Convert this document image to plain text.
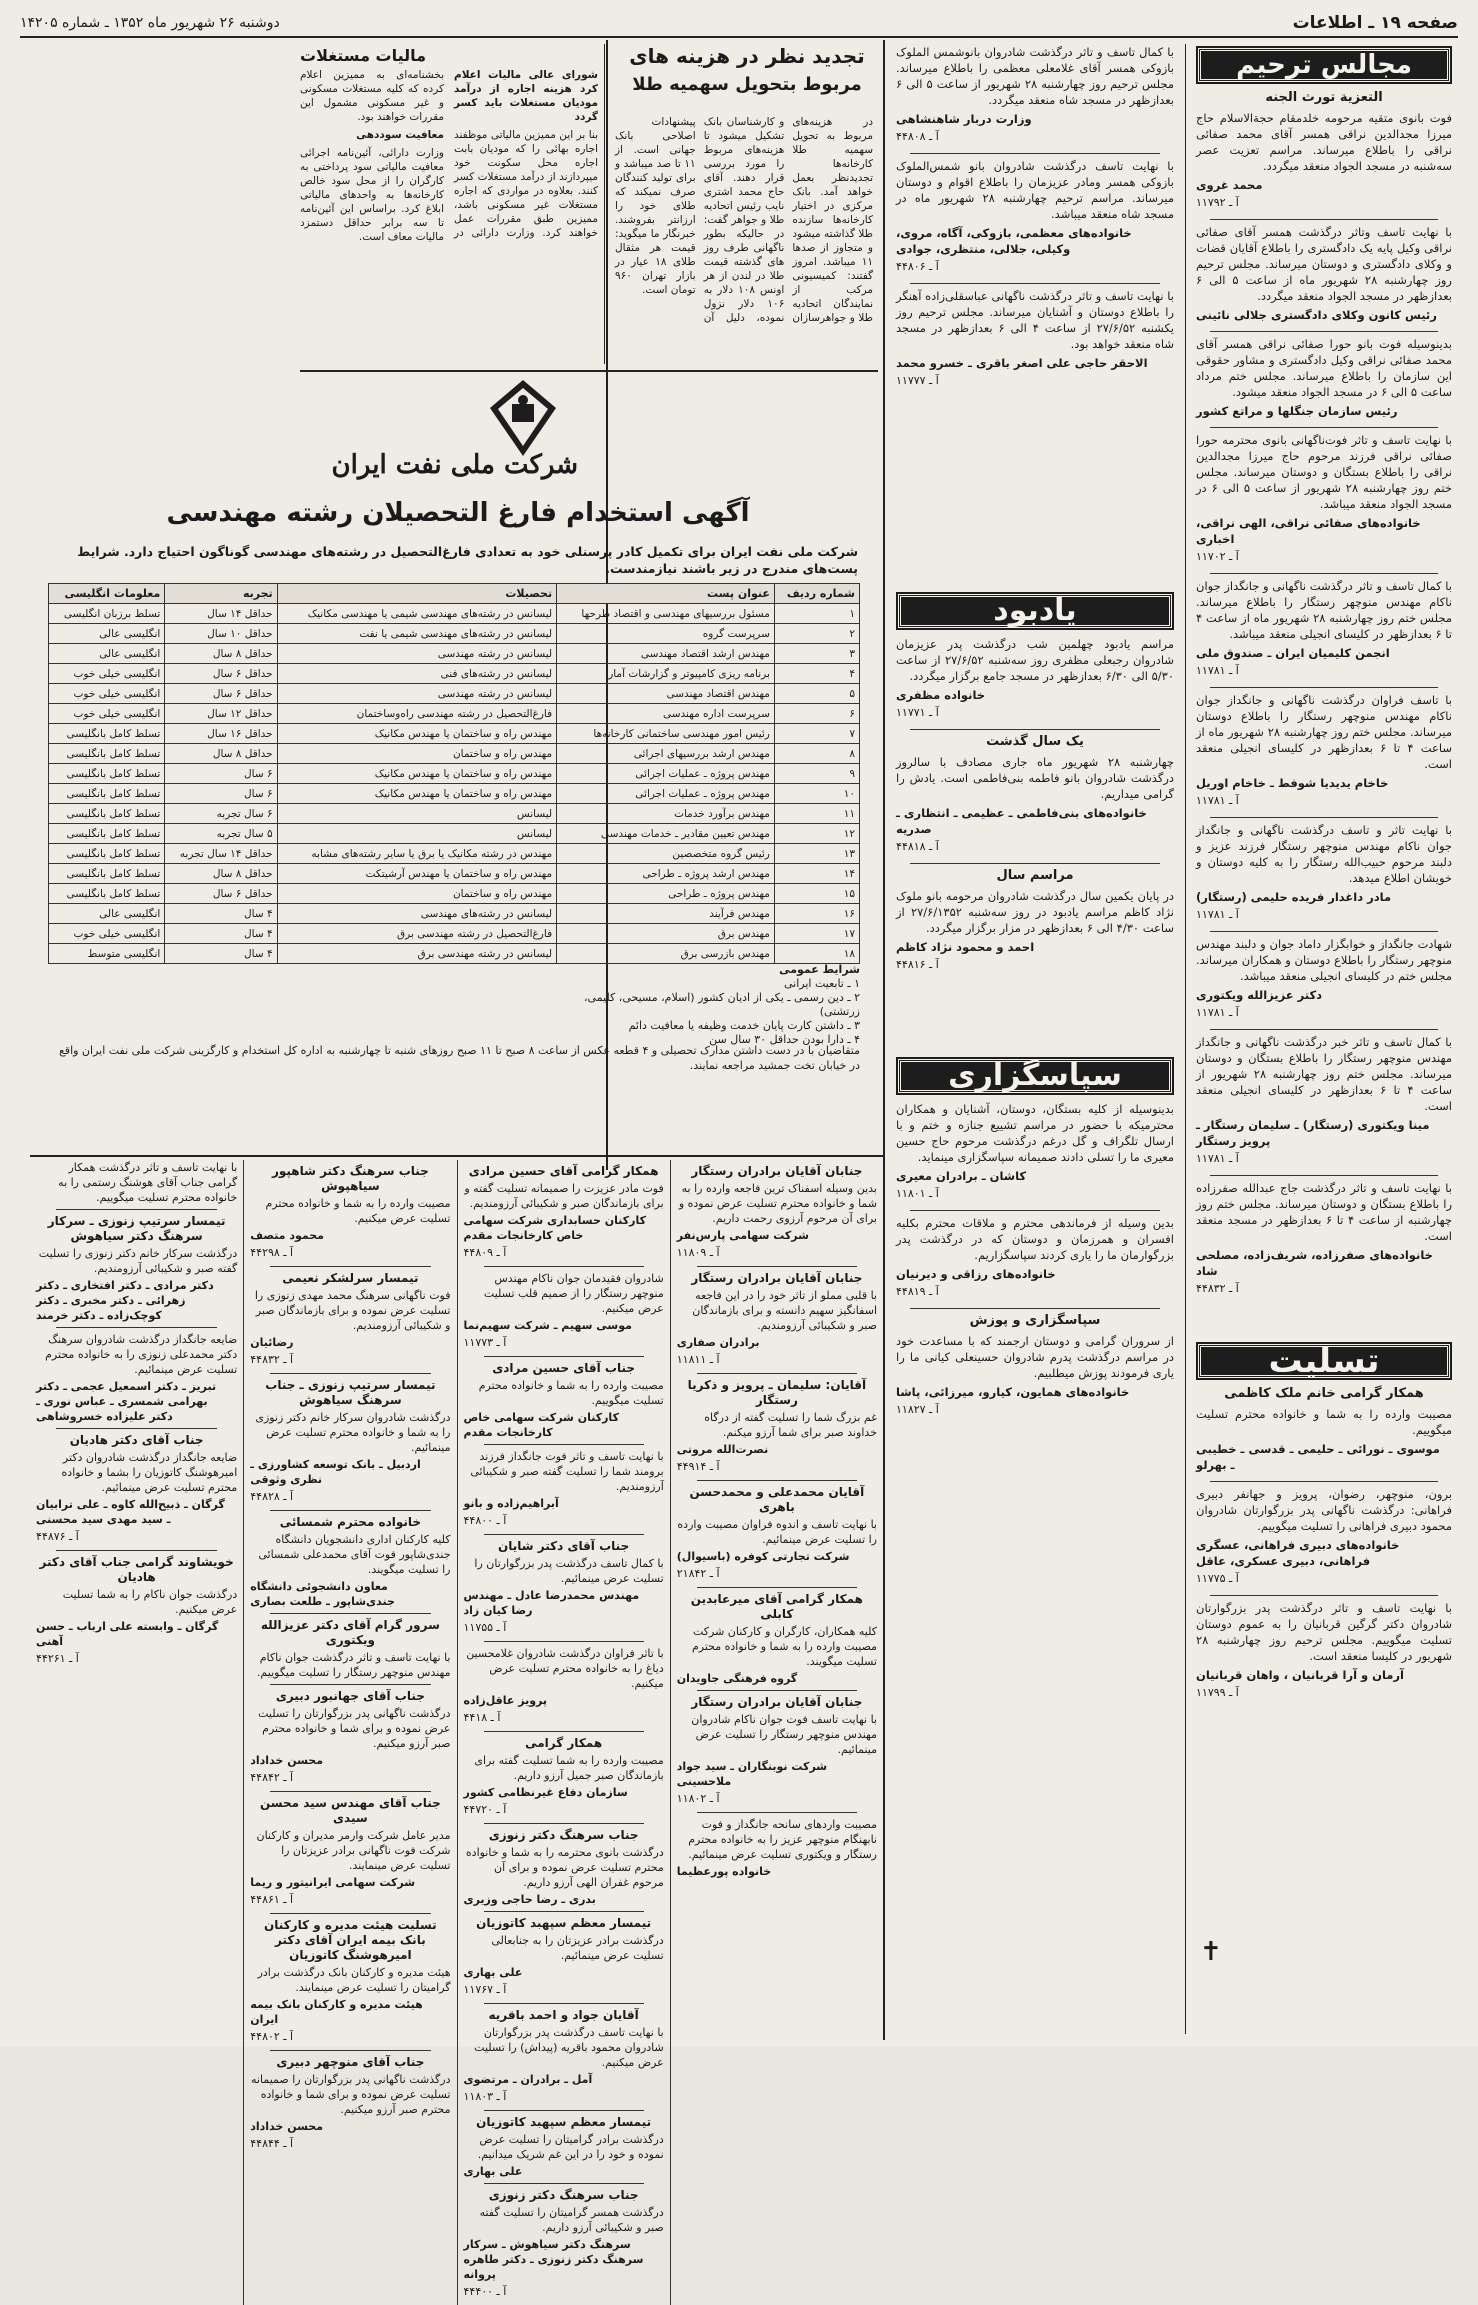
صفحه ۱۹ ـ اطلاعات
دوشنبه ۲۶ شهریور ماه ۱۳۵۲ ـ شماره ۱۴۲۰۵
مجالس ترحیم
التعزیة تورث الجنه

فوت بانوی متقیه مرحومه خلدمقام حجةالاسلام حاج میرزا مجدالدین نراقی همسر آقای محمد صفائی نراقی را باطلاع میرساند. مراسم تعزیت عصر سه‌شنبه در مسجد الجواد منعقد میگردد.

محمد غروی
آ ـ ۱۱۷۹۲

با نهایت تاسف وتاثر درگذشت همسر آقای صفائی نراقی وکیل پایه یک دادگستری را باطلاع آقایان قضات و وکلای دادگستری و دوستان میرساند. مجلس ترحیم روز چهارشنبه ۲۸ شهریور ماه از ساعت ۵ الی ۶ بعدازظهر در مسجد الجواد منعقد میگردد.

رئیس کانون وکلای دادگستری جلالی نائینی

بدینوسیله فوت بانو حورا صفائی نراقی همسر آقای محمد صفائی نراقی وکیل دادگستری و مشاور حقوقی این سازمان را باطلاع میرساند. مجلس ختم مرداد ساعت ۵ الی ۶ در مسجد الجواد منعقد میشود.

رئیس سازمان جنگلها و مراتع کشور

با نهایت تاسف و تاثر فوت‌ناگهانی بانوی محترمه حورا صفائی نراقی فرزند مرحوم حاج میرزا مجدالدین نراقی را باطلاع بستگان و دوستان میرساند. مجلس ختم روز چهارشنبه ۲۸ شهریور از ساعت ۵ الی ۶ در مسجد الجواد منعقد میباشد.

خانواده‌های صفائی نراقی، الهی نراقی، اخباری
آ ـ ۱۱۷۰۲

با کمال تاسف و تاثر درگذشت ناگهانی و جانگداز جوان ناکام مهندس منوچهر رستگار را باطلاع میرساند. مجلس ختم روز چهارشنبه ۲۸ شهریور ماه از ساعت ۴ تا ۶ بعدازظهر در کلیسای انجیلی منعقد میباشد.

انجمن کلیمیان ایران ـ صندوق ملی
آ ـ ۱۱۷۸۱

با تاسف فراوان درگذشت ناگهانی و جانگداز جوان ناکام مهندس منوچهر رستگار را باطلاع دوستان میرساند. مجلس ختم روز چهارشنبه ۲۸ شهریور ماه از ساعت ۴ تا ۶ بعدازظهر در کلیسای انجیلی منعقد است.

خاخام یدیدیا شوفط ـ خاخام اوریل
آ ـ ۱۱۷۸۱

با نهایت تاثر و تاسف درگذشت ناگهانی و جانگداز جوان ناکام مهندس منوچهر رستگار فرزند عزیز و دلبند مرحوم حبیب‌الله رستگار را به کلیه دوستان و خویشان اطلاع میدهد.

مادر داغدار فریده حلیمی (رستگار)
آ ـ ۱۱۷۸۱

شهادت جانگداز و خوابگزار داماد جوان و دلبند مهندس منوچهر رستگار را باطلاع دوستان و همکاران میرساند. مجلس ختم در کلیسای انجیلی منعقد میباشد.

دکتر عزیزالله ویکتوری
آ ـ ۱۱۷۸۱

با کمال تاسف و تاثر خبر درگذشت ناگهانی و جانگداز مهندس منوچهر رستگار را باطلاع بستگان و دوستان میرساند. مجلس ختم روز چهارشنبه ۲۸ شهریور از ساعت ۴ تا ۶ بعدازظهر در کلیسای انجیلی منعقد است.

مینا ویکتوری (رستگار) ـ سلیمان رستگار ـ پرویز رستگار
آ ـ ۱۱۷۸۱

با نهایت تاسف و تاثر درگذشت جاج عبدالله صفرزاده را باطلاع بستگان و دوستان میرساند. مجلس ختم روز چهارشنبه از ساعت ۴ تا ۶ بعدازظهر در مسجد منعقد است.

خانواده‌های صفرزاده، شریف‌زاده، مصلحی شاد
آ ـ ۴۴۸۳۲
تسلیت
همکار گرامی خانم ملک کاظمی

مصیبت وارده را به شما و خانواده محترم تسلیت میگوییم.

موسوی ـ نورائی ـ حلیمی ـ قدسی ـ خطیبی ـ بهرلو

برون، منوچهر، رضوان، پرویز و جهانفر دبیری فراهانی: درگذشت ناگهانی پدر بزرگوارتان شادروان محمود دبیری فراهانی را تسلیت میگوییم.

خانواده‌های دبیری فراهانی، عسگری فراهانی، دبیری عسکری، عاقل
آ ـ ۱۱۷۷۵

با نهایت تاسف و تاثر درگذشت پدر بزرگوارتان شادروان دکتر گرگین قربانیان را به عموم دوستان تسلیت میگوییم. مجلس ترحیم روز چهارشنبه ۲۸ شهریور در کلیسا منعقد است.

آرمان و آرا قربانیان ، واهان قربانیان
آ ـ ۱۱۷۹۹
✝

با کمال تاسف و تاثر درگذشت شادروان بانوشمس الملوک بازوکی همسر آقای غلامعلی معظمی را باطلاع میرساند. مجلس ترحیم روز چهارشنبه ۲۸ شهریور از ساعت ۵ الی ۶ بعدازظهر در مسجد شاه منعقد میگردد.

وزارت دربار شاهنشاهی
آ ـ ۴۴۸۰۸

با نهایت تاسف درگذشت شادروان بانو شمس‌الملوک بازوکی همسر ومادر عزیزمان را باطلاع اقوام و دوستان میرساند. مراسم ترحیم چهارشنبه ۲۸ شهریور ماه در مسجد شاه منعقد میباشد.

خانواده‌های معظمی، بازوکی، آگاه، مروی، وکیلی، جلالی، منتظری، جوادی
آ ـ ۴۴۸۰۶

با نهایت تاسف و تاثر درگذشت ناگهانی عباسقلی‌زاده آهنگر را باطلاع دوستان و آشنایان میرساند. مجلس ترحیم روز یکشنبه ۲۷/۶/۵۲ از ساعت ۴ الی ۶ بعدازظهر در مسجد شاه منعقد خواهد بود.

الاحقر حاجی علی اصغر باقری ـ خسرو محمد
آ ـ ۱۱۷۷۷
یادبود

مراسم یادبود چهلمین شب درگذشت پدر عزیزمان شادروان رجبعلی مظفری روز سه‌شنبه ۲۷/۶/۵۲ از ساعت ۵/۳۰ الی ۶/۳۰ بعدازظهر در مسجد جامع برگزار میگردد.

خانواده مظفری
آ ـ ۱۱۷۷۱
یک سال گذشت

چهارشنبه ۲۸ شهریور ماه جاری مصادف با سالروز درگذشت شادروان بانو فاطمه بنی‌فاطمی است. یادش را گرامی میداریم.

خانواده‌های بنی‌فاطمی ـ عظیمی ـ انتظاری ـ صدریه
آ ـ ۴۴۸۱۸
مراسم سال

در پایان یکمین سال درگذشت شادروان مرحومه بانو ملوک نژاد کاظم مراسم یادبود در روز سه‌شنبه ۲۷/۶/۱۳۵۲ از ساعت ۴/۳۰ الی ۶ بعدازظهر در مزار برگزار میگردد.

احمد و محمود نژاد کاظم
آ ـ ۴۴۸۱۶
سپاسگزاری

بدینوسیله از کلیه بستگان، دوستان، آشنایان و همکاران محترمیکه با حضور در مراسم تشییع جنازه و ختم و با ارسال تلگراف و گل درغم درگذشت مرحوم حاج حسین معیری ما را تسلی دادند صمیمانه سپاسگزاری مینماید.

کاشان ـ برادران معیری
آ ـ ۱۱۸۰۱

بدین وسیله از فرماندهی محترم و ملاقات محترم بکلیه افسران و همرزمان و دوستان که در درگذشت پدر بزرگوارمان ما را یاری کردند سپاسگزاریم.

خانواده‌های رزاقی و دیرنیان
آ ـ ۴۴۸۱۹
سپاسگزاری و پوزش

از سروران گرامی و دوستان ارجمند که با مساعدت خود در مراسم درگذشت پدرم شادروان حسینعلی کیانی ما را یاری فرمودند پوزش میطلبیم.

خانواده‌های همایون، کیارو، میرزائی، پاشا
آ ـ ۱۱۸۲۷
تجدید نظر در هزینه های
مربوط بتحویل سهمیه طلا
در هزینه‌های مربوط به تحویل سهمیه طلا کارخانه‌ها تجدیدنظر بعمل خواهد آمد. بانک مرکزی در اختیار کارخانه‌ها سازنده طلا گذاشته میشود و متجاوز از صدها ۱۱ میباشد. امروز گفتند: کمیسیونی مرکب از نمایندگان اتحادیه طلا و جواهرسازان و کارشناسان بانک تشکیل میشود تا هزینه‌های مربوط را مورد بررسی قرار دهند. آقای حاج محمد اشتری نایب رئیس اتحادیه طلا و جواهر گفت: در حالیکه بطور ناگهانی طرف روز های گذشته قیمت طلا در لندن از هر اونس ۱۰۸ دلار به ۱۰۶ دلار نزول نموده، دلیل آن پیشنهادات اصلاحی بانک جهانی است. از ۱۱ تا صد میباشد و برای تولید کنندگان صرف نمیکند که طلای خود را ارزانتر بفروشند. خبرنگار ما میگوید: قیمت هر مثقال طلای ۱۸ عیار در بازار تهران ۹۶۰ تومان است.
مالیات مستغلات

شورای عالی مالیات اعلام کرد هزینه اجاره از درآمد مودیان مستغلات باید کسر گردد

بنا بر این ممیزین مالیاتی موظفند اجاره بهائی را که مودیان بابت اجاره محل سکونت خود میپردازند از درآمد مستغلات کسر کنند. بعلاوه در مواردی که اجاره مستغلات غیر مسکونی باشد، ممیزین طبق مقررات عمل خواهند کرد. وزارت دارائی در بخشنامه‌ای به ممیزین اعلام کرده که کلیه مستغلات مسکونی و غیر مسکونی مشمول این مقررات خواهند بود.

معافیت سوددهی

وزارت دارائی، آئین‌نامه اجرائی معافیت مالیاتی سود پرداختی به کارگران را از محل سود خالص کارخانه‌ها به واحدهای مالیاتی ابلاغ کرد. براساس این آئین‌نامه تا سه برابر حداقل دستمزد مالیات معاف است.

شرکت ملی نفت ایران
آگهی استخدام فارغ التحصیلان رشته مهندسی
شرکت ملی نفت ایران برای تکمیل کادر پرسنلی خود به تعدادی فارغ‌التحصیل در رشته‌های مهندسی گوناگون احتیاج دارد. شرایط پست‌های مندرج در زیر باشند نیازمندست.
شماره ردیف	عنوان پست	تحصیلات	تجربه	معلومات انگلیسی
۱	مسئول بررسیهای مهندسی و اقتصاد طرحها	لیسانس در رشته‌های مهندسی شیمی یا مهندسی مکانیک	حداقل ۱۴ سال	تسلط برزبان انگلیسی
۲	سرپرست گروه	لیسانس در رشته‌های مهندسی شیمی یا نفت	حداقل ۱۰ سال	انگلیسی عالی
۳	مهندس ارشد اقتصاد مهندسی	لیسانس در رشته مهندسی	حداقل ۸ سال	انگلیسی عالی
۴	برنامه ریزی کامپیوتر و گزارشات آمار	لیسانس در رشته‌های فنی	حداقل ۶ سال	انگلیسی خیلی خوب
۵	مهندس اقتصاد مهندسی	لیسانس در رشته مهندسی	حداقل ۶ سال	انگلیسی خیلی خوب
۶	سرپرست اداره مهندسی	فارغ‌التحصیل در رشته مهندسی راه‌وساختمان	حداقل ۱۲ سال	انگلیسی خیلی خوب
۷	رئیس امور مهندسی ساختمانی کارخانه‌ها	مهندس راه و ساختمان یا مهندس مکانیک	حداقل ۱۶ سال	تسلط کامل بانگلیسی
۸	مهندس ارشد بررسیهای اجرائی	مهندس راه و ساختمان	حداقل ۸ سال	تسلط کامل بانگلیسی
۹	مهندس پروژه ـ عملیات اجرائی	مهندس راه و ساختمان یا مهندس مکانیک	۶ سال	تسلط کامل بانگلیسی
۱۰	مهندس پروژه ـ عملیات اجرائی	مهندس راه و ساختمان یا مهندس مکانیک	۶ سال	تسلط کامل بانگلیسی
۱۱	مهندس برآورد خدمات	لیسانس	۶ سال تجربه	تسلط کامل بانگلیسی
۱۲	مهندس تعیین مقادیر ـ خدمات مهندسی	لیسانس	۵ سال تجربه	تسلط کامل بانگلیسی
۱۳	رئیس گروه متخصصین	مهندس در رشته مکانیک یا برق یا سایر رشته‌های مشابه	حداقل ۱۴ سال تجربه	تسلط کامل بانگلیسی
۱۴	مهندس ارشد پروژه ـ طراحی	مهندس راه و ساختمان یا مهندس آرشیتکت	حداقل ۸ سال	تسلط کامل بانگلیسی
۱۵	مهندس پروژه ـ طراحی	مهندس راه و ساختمان	حداقل ۶ سال	تسلط کامل بانگلیسی
۱۶	مهندس فرآیند	لیسانس در رشته‌های مهندسی	۴ سال	انگلیسی عالی
۱۷	مهندس برق	فارغ‌التحصیل در رشته مهندسی برق	۴ سال	انگلیسی خیلی خوب
۱۸	مهندس بازرسی برق	لیسانس در رشته مهندسی برق	۴ سال	انگلیسی متوسط
شرایط عمومی
۱ ـ تابعیت ایرانی
۲ ـ دین رسمی ـ یکی از ادیان کشور (اسلام، مسیحی، کلیمی، زرتشتی)
۳ ـ داشتن کارت پایان خدمت وظیفه یا معافیت دائم
۴ ـ دارا بودن حداقل ۳۰ سال سن
متقاضیان با در دست داشتن مدارک تحصیلی و ۴ قطعه عکس از ساعت ۸ صبح تا ۱۱ صبح روزهای شنبه تا چهارشنبه به اداره کل استخدام و کارگزینی شرکت ملی نفت ایران واقع در خیابان تخت جمشید مراجعه نمایند.
جنابان آقایان برادران رستگار
بدین وسیله اسفناک ترین فاجعه وارده را به شما و خانواده محترم تسلیت عرض نموده و برای آن مرحوم آرزوی رحمت داریم.
شرکت سهامی پارس‌نفر
آ ـ ۱۱۸۰۹
جنابان آقایان برادران رستگار
با قلبی مملو از تاثر خود را در این فاجعه اسفانگیز سهیم دانسته و برای بازماندگان صبر و شکیبائی آرزومندیم.
برادران صفاری
آ ـ ۱۱۸۱۱
آقایان: سلیمان ـ پرویز و ذکریا رستگار
غم بزرگ شما را تسلیت گفته از درگاه خداوند صبر برای شما آرزو میکنم.
نصرت‌الله مروتی
آ ـ ۴۴۹۱۴
آقایان محمدعلی و محمدحسن باهری
با نهایت تاسف و اندوه فراوان مصیبت وارده را تسلیت عرض مینمائیم.
شرکت تجارتی کوفره (باسیوال)
آ ـ ۲۱۸۴۲
همکار گرامی آقای میرعابدین کابلی
کلیه همکاران، کارگران و کارکنان شرکت مصیبت وارده را به شما و خانواده محترم تسلیت میگویند.
گروه فرهنگی جاویدان
جنابان آقایان برادران رستگار
با نهایت تاسف فوت جوان ناکام شادروان مهندس منوچهر رستگار را تسلیت عرض مینمائیم.
شرکت نوبنگاران ـ سید جواد ملاحسینی
آ ـ ۱۱۸۰۲
مصیبت واردهای سانحه جانگداز و فوت نابهنگام منوچهر عزیز را به خانواده محترم رستگار و ویکتوری تسلیت عرض مینمائیم.
خانواده پورعظیما
همکار گرامی آقای حسین مرادی
فوت مادر عزیزت را صمیمانه تسلیت گفته و برای بازماندگان صبر و شکیبائی آرزومندیم.
کارکنان حسابداری شرکت سهامی خاص کارخانجات مقدم
آ ـ ۴۴۸۰۹
شادروان فقیدمان جوان ناکام مهندس منوچهر رستگار را از صمیم قلب تسلیت عرض میکنیم.
موسی سهیم ـ شرکت سهیم‌نما
آ ـ ۱۱۷۷۳
جناب آقای حسین مرادی
مصیبت وارده را به شما و خانواده محترم تسلیت میگوییم.
کارکنان شرکت سهامی خاص کارخانجات مقدم
با نهایت تاسف و تاثر فوت جانگداز فرزند برومند شما را تسلیت گفته صبر و شکیبائی آرزومندیم.
آبراهیم‌زاده و بانو
آ ـ ۴۴۸۰۰
جناب آقای دکتر شایان
با کمال تاسف درگذشت پدر بزرگوارتان را تسلیت عرض مینمائیم.
مهندس محمدرضا عادل ـ مهندس رضا کیان زاد
آ ـ ۱۱۷۵۵
با تاثر فراوان درگذشت شادروان غلامحسین دیاغ را به خانواده محترم تسلیت عرض میکنیم.
پرویز عاقل‌زاده
آ ـ ۴۴۱۸
همکار گرامی
مصیبت وارده را به شما تسلیت گفته برای بازماندگان صبر جمیل آرزو داریم.
سازمان دفاع غیرنظامی کشور
آ ـ ۴۴۷۲۰
جناب سرهنگ دکتر زنوزی
درگذشت بانوی محترمه را به شما و خانواده محترم تسلیت عرض نموده و برای آن مرحوم غفران الهی آرزو داریم.
بدری ـ رضا حاجی وزیری
تیمسار معظم سپهبد کاتوزیان
درگذشت برادر عزیزتان را به جنابعالی تسلیت عرض مینمائیم.
علی بهاری
آ ـ ۱۱۷۶۷
آقایان جواد و احمد باقریه
با نهایت تاسف درگذشت پدر بزرگوارتان شادروان محمود باقریه (پیداش) را تسلیت عرض میکنیم.
آمل ـ برادران ـ مرتضوی
آ ـ ۱۱۸۰۳
تیمسار معظم سپهبد کاتوزیان
درگذشت برادر گرامیتان را تسلیت عرض نموده و خود را در این غم شریک میدانیم.
علی بهاری
جناب سرهنگ دکتر زنوزی
درگذشت همسر گرامیتان را تسلیت گفته صبر و شکیبائی آرزو داریم.
سرهنگ دکتر سیاهوش ـ سرکار سرهنگ دکتر زنوزی ـ دکتر طاهره پروانه
آ ـ ۴۴۴۰۰
جناب سرهنگ دکتر شاهپور سیاهپوش
مصیبت وارده را به شما و خانواده محترم تسلیت عرض میکنیم.
محمود متصف
آ ـ ۴۴۲۹۸
تیمسار سرلشکر نعیمی
فوت ناگهانی سرهنگ محمد مهدی زنوزی را تسلیت عرض نموده و برای بازماندگان صبر و شکیبائی آرزومندیم.
رضائیان
آ ـ ۴۴۸۳۲
تیمسار سرتیپ زنوزی ـ جناب سرهنگ سیاهوش
درگذشت شادروان سرکار خانم دکتر زنوزی را به شما و خانواده محترم تسلیت عرض مینمائیم.
اردبیل ـ بانک توسعه کشاورزی ـ نظری وثوقی
آ ـ ۴۴۸۲۸
خانواده محترم شمسائی
کلیه کارکنان اداری دانشجویان دانشگاه جندی‌شاپور فوت آقای محمدعلی شمسائی را تسلیت میگویند.
معاون دانشجوئی دانشگاه جندی‌شاپور ـ طلعت بصاری
سرور گرام آقای دکتر عزیزالله ویکتوری
با نهایت تاسف و تاثر درگذشت جوان ناکام مهندس منوچهر رستگار را تسلیت میگوییم.
جناب آقای جهانبور دبیری
درگذشت ناگهانی پدر بزرگوارتان را تسلیت عرض نموده و برای شما و خانواده محترم صبر آرزو میکنیم.
محسن خداداد
آ ـ ۴۴۸۴۲
جناب آقای مهندس سید محسن سیدی
مدیر عامل شرکت وارمر مدیران و کارکنان شرکت فوت ناگهانی برادر عزیزتان را تسلیت عرض مینمایند.
شرکت سهامی ایرانیتور و ریما
آ ـ ۴۴۸۶۱
تسلیت هیئت مدیره و کارکنان بانک بیمه ایران آقای دکتر امیرهوشنگ کاتوزیان
هیئت مدیره و کارکنان بانک درگذشت برادر گرامیتان را تسلیت عرض مینمایند.
هیئت مدیره و کارکنان بانک بیمه ایران
آ ـ ۴۴۸۰۲
جناب آقای منوچهر دبیری
درگذشت ناگهانی پدر بزرگوارتان را صمیمانه تسلیت عرض نموده و برای شما و خانواده محترم صبر آرزو میکنیم.
محسن خداداد
آ ـ ۴۴۸۴۴
با نهایت تاسف و تاثر درگذشت همکار گرامی جناب آقای هوشنگ رستمی را به خانواده محترم تسلیت میگوییم.
تیمسار سرتیپ زنوزی ـ سرکار سرهنگ دکتر سیاهوش
درگذشت سرکار خانم دکتر زنوزی را تسلیت گفته صبر و شکیبائی آرزومندیم.
دکتر مرادی ـ دکتر افتخاری ـ دکتر زهرائی ـ دکتر مخبری ـ دکتر کوچک‌زاده ـ دکتر خرمند
ضایعه جانگداز درگذشت شادروان سرهنگ دکتر محمدعلی زنوزی را به خانواده محترم تسلیت عرض مینمائیم.
تبریز ـ دکتر اسمعیل عجمی ـ دکتر بهرامی شمسری ـ عباس نوری ـ دکتر علیزاده خسروشاهی
جناب آقای دکتر هادیان
ضایعه جانگداز درگذشت شادروان دکتر امیرهوشنگ کاتوزیان را بشما و خانواده محترم تسلیت عرض مینمائیم.
گرگان ـ ذبیح‌الله کاوه ـ علی ترابیان ـ سید مهدی سید محسنی
آ ـ ۴۴۸۷۶
خویشاوند گرامی جناب آقای دکتر هادیان
درگذشت جوان ناکام را به شما تسلیت عرض میکنیم.
گرگان ـ وابسته علی ارباب ـ حسن آهنی
آ ـ ۴۴۲۶۱
